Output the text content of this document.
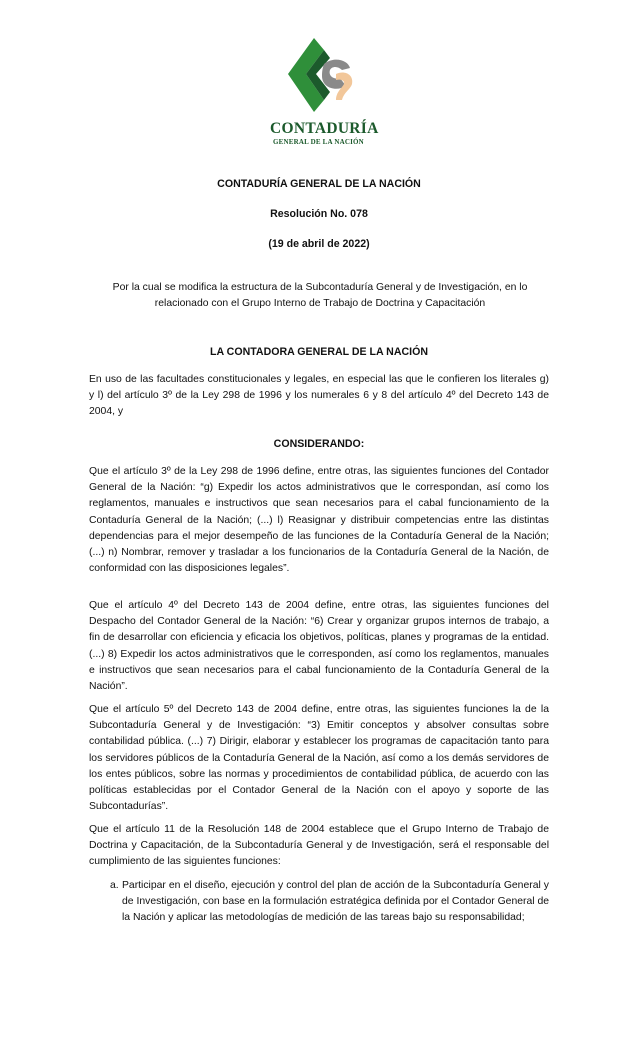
CONTADURÍA
GENERAL DE LA NACIÓN
CONTADURÍA GENERAL DE LA NACIÓN
Resolución No. 078
(19 de abril de 2022)
Por la cual se modifica la estructura de la Subcontaduría General y de Investigación, en lo relacionado con el Grupo Interno de Trabajo de Doctrina y Capacitación
LA CONTADORA GENERAL DE LA NACIÓN
En uso de las facultades constitucionales y legales, en especial las que le confieren los literales g) y l) del artículo 3º de la Ley 298 de 1996 y los numerales 6 y 8 del artículo 4º del Decreto 143 de 2004, y
CONSIDERANDO:
Que el artículo 3º de la Ley 298 de 1996 define, entre otras, las siguientes funciones del Contador General de la Nación: “g) Expedir los actos administrativos que le correspondan, así como los reglamentos, manuales e instructivos que sean necesarios para el cabal funcionamiento de la Contaduría General de la Nación; (...) l) Reasignar y distribuir competencias entre las distintas dependencias para el mejor desempeño de las funciones de la Contaduría General de la Nación; (...) n) Nombrar, remover y trasladar a los funcionarios de la Contaduría General de la Nación, de conformidad con las disposiciones legales”.
Que el artículo 4º del Decreto 143 de 2004 define, entre otras, las siguientes funciones del Despacho del Contador General de la Nación: “6) Crear y organizar grupos internos de trabajo, a fin de desarrollar con eficiencia y eficacia los objetivos, políticas, planes y programas de la entidad. (...) 8) Expedir los actos administrativos que le corresponden, así como los reglamentos, manuales e instructivos que sean necesarios para el cabal funcionamiento de la Contaduría General de la Nación”.
Que el artículo 5º del Decreto 143 de 2004 define, entre otras, las siguientes funciones la de la Subcontaduría General y de Investigación: “3) Emitir conceptos y absolver consultas sobre contabilidad pública. (...) 7) Dirigir, elaborar y establecer los programas de capacitación tanto para los servidores públicos de la Contaduría General de la Nación, así como a los demás servidores de los entes públicos, sobre las normas y procedimientos de contabilidad pública, de acuerdo con las políticas establecidas por el Contador General de la Nación con el apoyo y soporte de las Subcontadurías”.
Que el artículo 11 de la Resolución 148 de 2004 establece que el Grupo Interno de Trabajo de Doctrina y Capacitación, de la Subcontaduría General y de Investigación, será el responsable del cumplimiento de las siguientes funciones:
a. Participar en el diseño, ejecución y control del plan de acción de la Subcontaduría General y de Investigación, con base en la formulación estratégica definida por el Contador General de la Nación y aplicar las metodologías de medición de las tareas bajo su responsabilidad;
